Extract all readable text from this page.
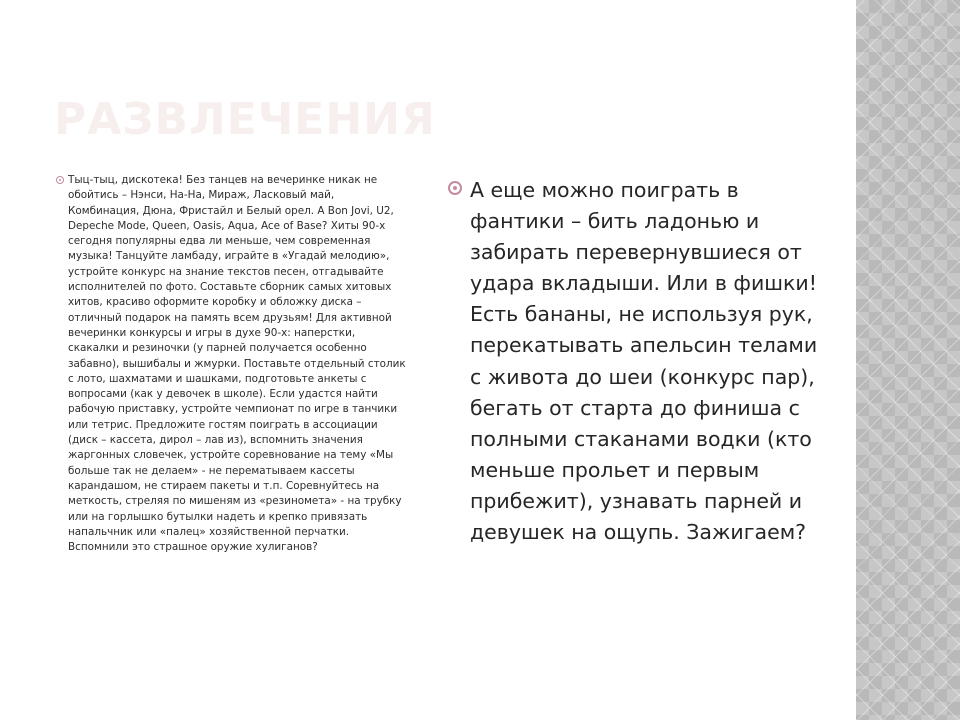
РАЗВЛЕЧЕНИЯ

Тыц-тыц, дискотека! Без танцев на вечеринке никак не обойтись – Нэнси, На-На, Мираж, Ласковый май, Комбинация, Дюна, Фристайл и Белый орел. А Bon Jovi, U2, Depeche Mode, Queen, Oasis, Aqua, Ace of Base? Хиты 90-х сегодня популярны едва ли меньше, чем современная музыка! Танцуйте ламбаду, играйте в «Угадай мелодию», устройте конкурс на знание текстов песен, отгадывайте исполнителей по фото. Составьте сборник самых хитовых хитов, красиво оформите коробку и обложку диска – отличный подарок на память всем друзьям! Для активной вечеринки конкурсы и игры в духе 90-х: наперстки, скакалки и резиночки (у парней получается особенно забавно), вышибалы и жмурки. Поставьте отдельный столик с лото, шахматами и шашками, подготовьте анкеты с вопросами (как у девочек в школе). Если удастся найти рабочую приставку, устройте чемпионат по игре в танчики или тетрис. Предложите гостям поиграть в ассоциации (диск – кассета, дирол – лав из), вспомнить значения жаргонных словечек, устройте соревнование на тему «Мы больше так не делаем» - не перематываем кассеты карандашом, не стираем пакеты и т.п. Соревнуйтесь на меткость, стреляя по мишеням из «резинометa» - на трубку или на горлышко бутылки надеть и крепко привязать напальчник или «палец» хозяйственной перчатки. Вспомнили это страшное оружие хулиганов?

А еще можно поиграть в фантики – бить ладонью и забирать перевернувшиеся от удара вкладыши. Или в фишки! Есть бананы, не используя рук, перекатывать апельсин телами с живота до шеи (конкурс пар), бегать от старта до финиша с полными стаканами водки (кто меньше прольет и первым прибежит), узнавать парней и девушек на ощупь. Зажигаем?
